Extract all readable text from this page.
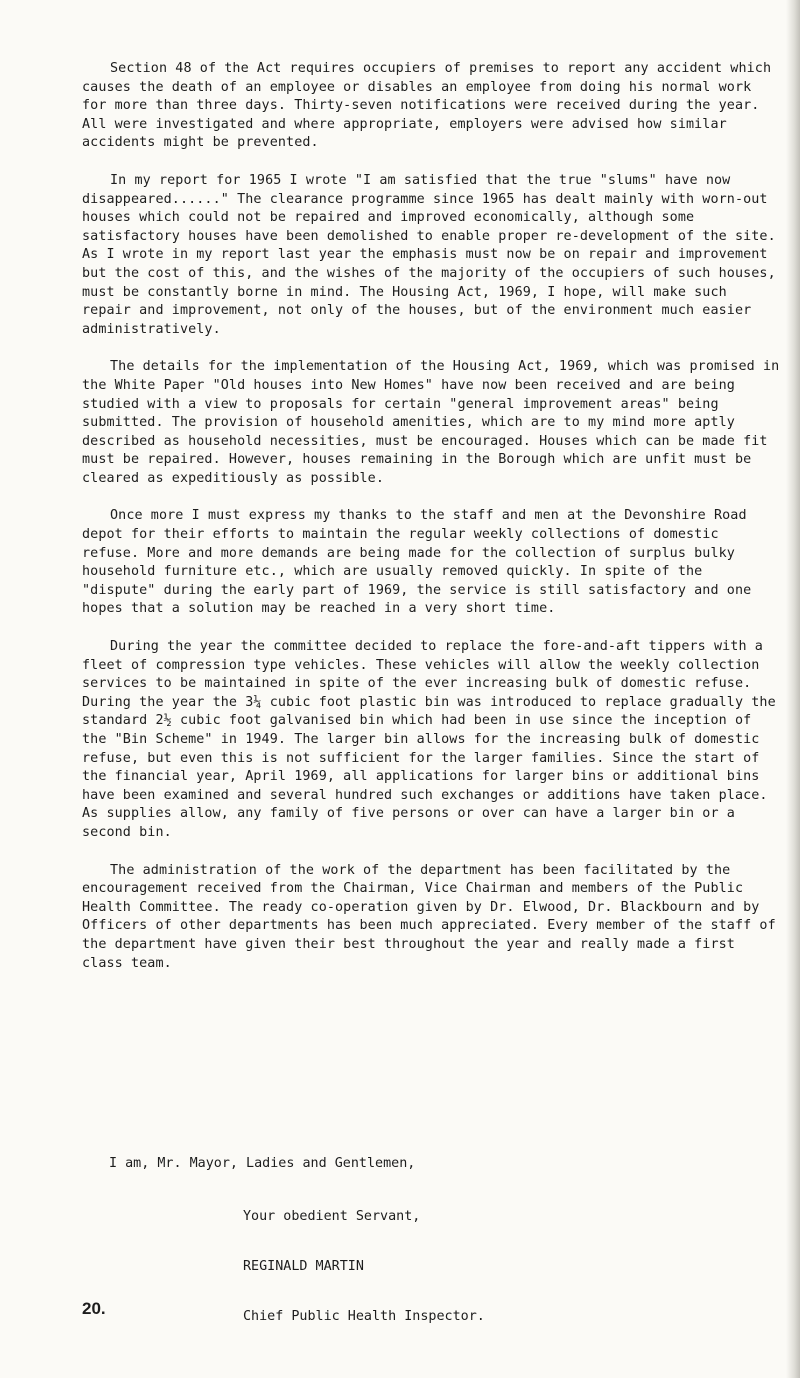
Section 48 of the Act requires occupiers of premises to report any accident which causes the death of an employee or disables an employee from doing his normal work for more than three days. Thirty-seven notifications were received during the year. All were investigated and where appropriate, employers were advised how similar accidents might be prevented.

In my report for 1965 I wrote "I am satisfied that the true "slums" have now disappeared......" The clearance programme since 1965 has dealt mainly with worn-out houses which could not be repaired and improved economically, although some satisfactory houses have been demolished to enable proper re-development of the site. As I wrote in my report last year the emphasis must now be on repair and improvement but the cost of this, and the wishes of the majority of the occupiers of such houses, must be constantly borne in mind. The Housing Act, 1969, I hope, will make such repair and improvement, not only of the houses, but of the environment much easier administratively.

The details for the implementation of the Housing Act, 1969, which was promised in the White Paper "Old houses into New Homes" have now been received and are being studied with a view to proposals for certain "general improvement areas" being submitted. The provision of household amenities, which are to my mind more aptly described as household necessities, must be encouraged. Houses which can be made fit must be repaired. However, houses remaining in the Borough which are unfit must be cleared as expeditiously as possible.

Once more I must express my thanks to the staff and men at the Devonshire Road depot for their efforts to maintain the regular weekly collections of domestic refuse. More and more demands are being made for the collection of surplus bulky household furniture etc., which are usually removed quickly. In spite of the "dispute" during the early part of 1969, the service is still satisfactory and one hopes that a solution may be reached in a very short time.

During the year the committee decided to replace the fore-and-aft tippers with a fleet of compression type vehicles. These vehicles will allow the weekly collection services to be maintained in spite of the ever increasing bulk of domestic refuse. During the year the 3¼ cubic foot plastic bin was introduced to replace gradually the standard 2½ cubic foot galvanised bin which had been in use since the inception of the "Bin Scheme" in 1949. The larger bin allows for the increasing bulk of domestic refuse, but even this is not sufficient for the larger families. Since the start of the financial year, April 1969, all applications for larger bins or additional bins have been examined and several hundred such exchanges or additions have taken place. As supplies allow, any family of five persons or over can have a larger bin or a second bin.

The administration of the work of the department has been facilitated by the encouragement received from the Chairman, Vice Chairman and members of the Public Health Committee. The ready co-operation given by Dr. Elwood, Dr. Blackbourn and by Officers of other departments has been much appreciated. Every member of the staff of the department have given their best throughout the year and really made a first class team.

I am, Mr. Mayor, Ladies and Gentlemen,
Your obedient Servant,
REGINALD MARTIN
Chief Public Health Inspector.
20.
